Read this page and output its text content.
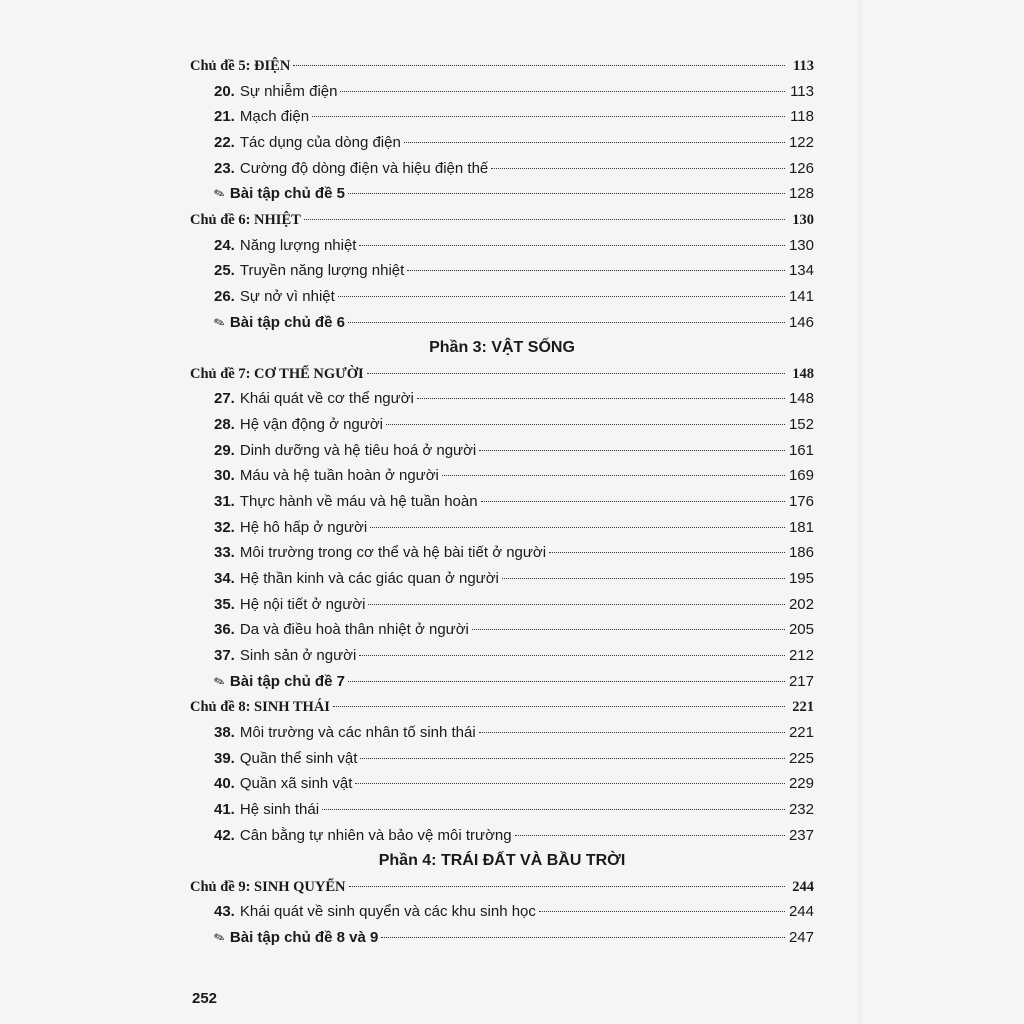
Chủ đề 5: ĐIỆN	113
20. Sự nhiễm điện	113
21. Mạch điện	118
22. Tác dụng của dòng điện	122
23. Cường độ dòng điện và hiệu điện thế	126
✎ Bài tập chủ đề 5	128
Chủ đề 6: NHIỆT	130
24. Năng lượng nhiệt	130
25. Truyền năng lượng nhiệt	134
26. Sự nở vì nhiệt	141
✎ Bài tập chủ đề 6	146
Phần 3: VẬT SỐNG
Chủ đề 7: CƠ THỂ NGƯỜI	148
27. Khái quát về cơ thể người	148
28. Hệ vận động ở người	152
29. Dinh dưỡng và hệ tiêu hoá ở người	161
30. Máu và hệ tuần hoàn ở người	169
31. Thực hành về máu và hệ tuần hoàn	176
32. Hệ hô hấp ở người	181
33. Môi trường trong cơ thể và hệ bài tiết ở người	186
34. Hệ thần kinh và các giác quan ở người	195
35. Hệ nội tiết ở người	202
36. Da và điều hoà thân nhiệt ở người	205
37. Sinh sản ở người	212
✎ Bài tập chủ đề 7	217
Chủ đề 8: SINH THÁI	221
38. Môi trường và các nhân tố sinh thái	221
39. Quần thể sinh vật	225
40. Quần xã sinh vật	229
41. Hệ sinh thái	232
42. Cân bằng tự nhiên và bảo vệ môi trường	237
Phần 4: TRÁI ĐẤT VÀ BẦU TRỜI
Chủ đề 9: SINH QUYỂN	244
43. Khái quát về sinh quyển và các khu sinh học	244
✎ Bài tập chủ đề 8 và 9	247
252
